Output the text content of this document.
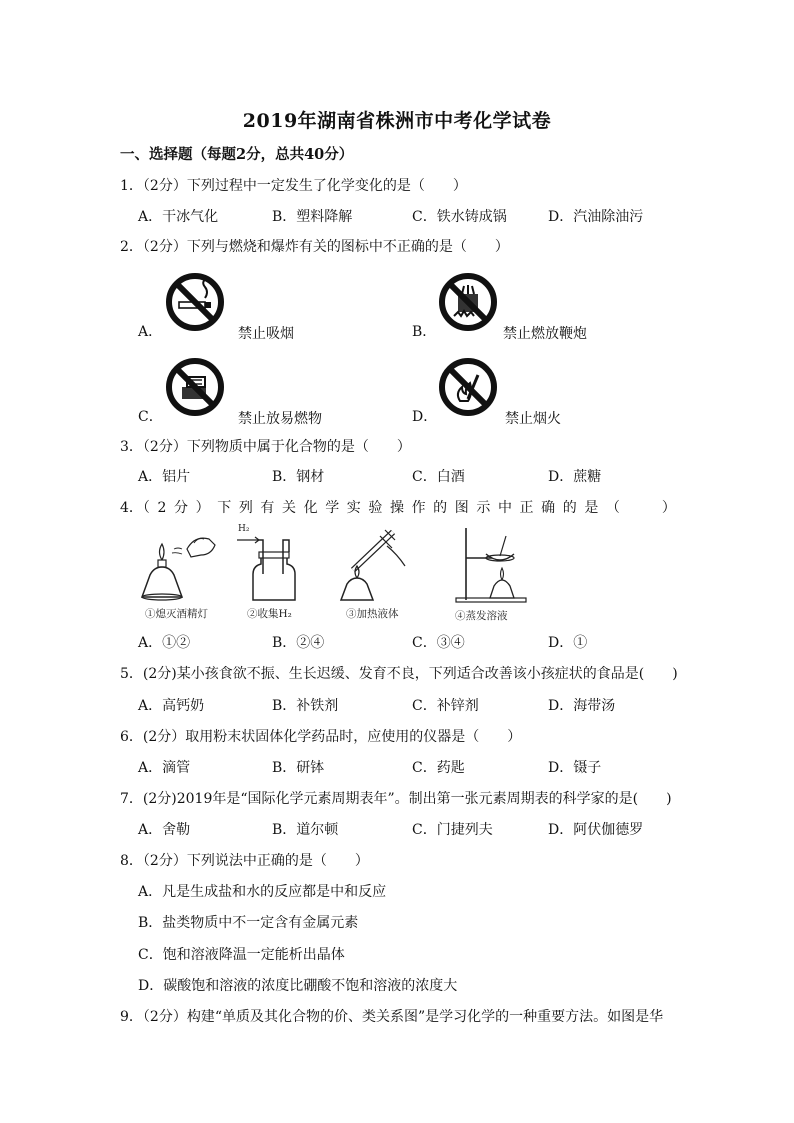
2019年湖南省株洲市中考化学试卷
一、选择题（每题2分，总共40分）
1．（2分）下列过程中一定发生了化学变化的是（　　）
A．干冰气化	B．塑料降解	C．铁水铸成锅	D．汽油除油污
2．（2分）下列与燃烧和爆炸有关的图标中不正确的是（　　）
A．	禁止吸烟	B．	禁止燃放鞭炮
C．	禁止放易燃物	D．	禁止烟火
3．（2分）下列物质中属于化合物的是（　　）
A．铝片	B．钢材	C．白酒	D．蔗糖
4．（ 2 分 ） 下 列 有 关 化 学 实 验 操 作 的 图 示 中 正 确 的 是 （　　　）
①熄灭酒精灯
H₂
②收集H₂	③加热液体	④蒸发溶液
A．①②	B．②④	C．③④	D．①
5．(2分)某小孩食欲不振、生长迟缓、发育不良，下列适合改善该小孩症状的食品是(　　)
A．高钙奶	B．补铁剂	C．补锌剂	D．海带汤
6．(2分）取用粉末状固体化学药品时，应使用的仪器是（　　）
A．滴管	B．研钵	C．药匙	D．镊子
7．(2分)2019年是“国际化学元素周期表年”。制出第一张元素周期表的科学家的是(　　)
A．舍勒	B．道尔顿	C．门捷列夫	D．阿伏伽德罗
8．（2分）下列说法中正确的是（　　）
A．凡是生成盐和水的反应都是中和反应
B．盐类物质中不一定含有金属元素
C．饱和溶液降温一定能析出晶体
D．碳酸饱和溶液的浓度比硼酸不饱和溶液的浓度大
9．（2分）构建“单质及其化合物的价、类关系图”是学习化学的一种重要方法。如图是华
